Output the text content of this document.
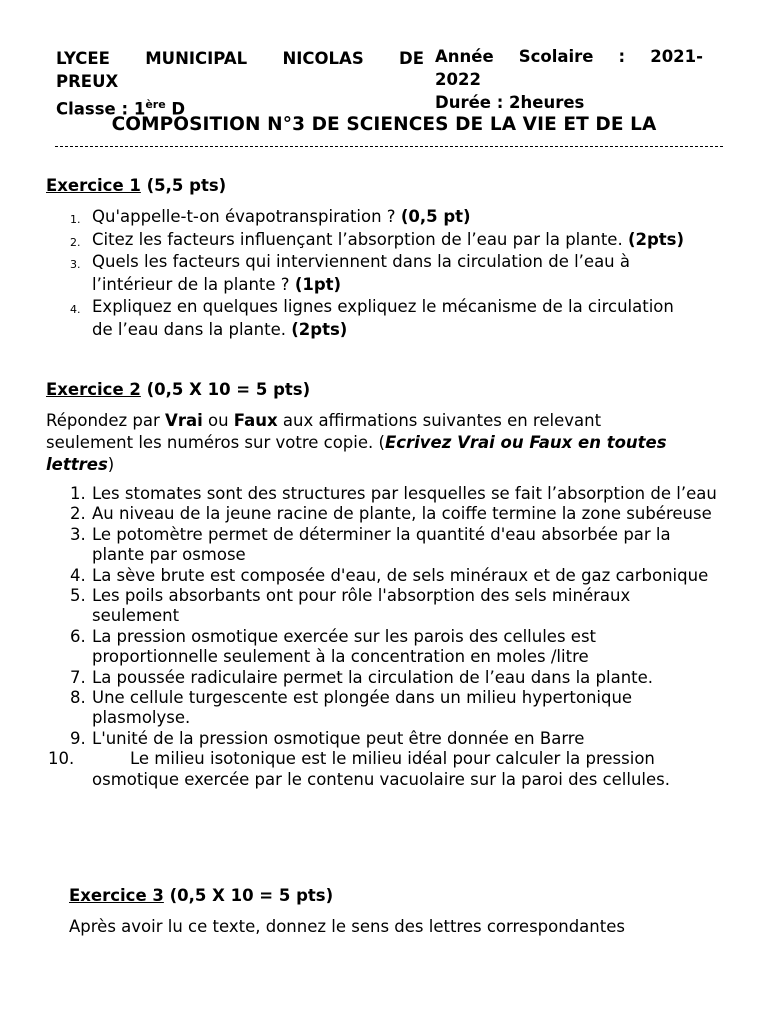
LYCEE MUNICIPAL NICOLAS DE
PREUX
Classe : 1ère D
Année Scolaire : 2021-
2022
Durée : 2heures
COMPOSITION N°3 DE SCIENCES DE LA VIE ET DE LA
Exercice 1 (5,5 pts)
1. Qu'appelle-t-on évapotranspiration ? (0,5 pt)
2. Citez les facteurs influençant l’absorption de l’eau par la plante. (2pts)
3. Quels les facteurs qui interviennent dans la circulation de l’eau à l’intérieur de la plante ? (1pt)
4. Expliquez en quelques lignes expliquez le mécanisme de la circulation de l’eau dans la plante. (2pts)
Exercice 2 (0,5 X 10 = 5 pts)
Répondez par Vrai ou Faux aux affirmations suivantes en relevant seulement les numéros sur votre copie. (Ecrivez Vrai ou Faux en toutes lettres)
1. Les stomates sont des structures par lesquelles se fait l’absorption de l’eau
2. Au niveau de la jeune racine de plante, la coiffe termine la zone subéreuse
3. Le potomètre permet de déterminer la quantité d'eau absorbée par la plante par osmose
4. La sève brute est composée d'eau, de sels minéraux et de gaz carbonique
5. Les poils absorbants ont pour rôle l'absorption des sels minéraux seulement
6. La pression osmotique exercée sur les parois des cellules est proportionnelle seulement à la concentration en moles /litre
7. La poussée radiculaire permet la circulation de l’eau dans la plante.
8. Une cellule turgescente est plongée dans un milieu hypertonique plasmolyse.
9. L'unité de la pression osmotique peut être donnée en Barre
10.	Le milieu isotonique est le milieu idéal pour calculer la pression osmotique exercée par le contenu vacuolaire sur la paroi des cellules.
Exercice 3 (0,5 X 10 = 5 pts)
Après avoir lu ce texte, donnez le sens des lettres correspondantes
